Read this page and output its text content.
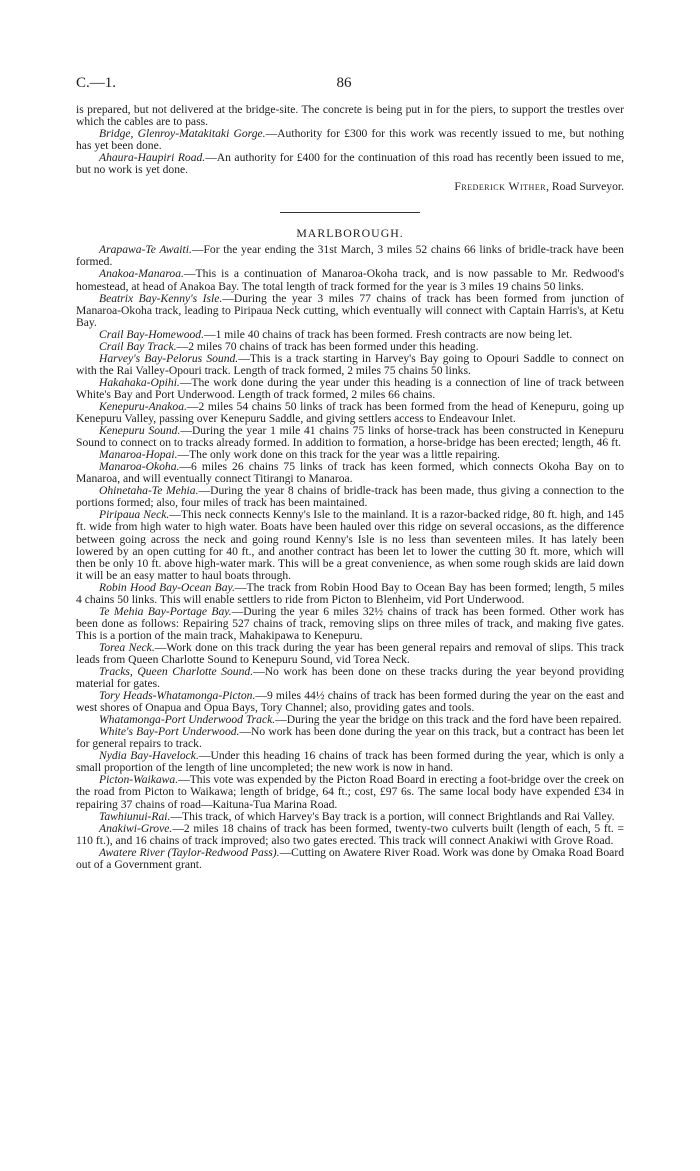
C.—1.	86

is prepared, but not delivered at the bridge-site. The concrete is being put in for the piers, to support the trestles over which the cables are to pass.

Bridge, Glenroy-Matakitaki Gorge.—Authority for £300 for this work was recently issued to me, but nothing has yet been done.

Ahaura-Haupiri Road.—An authority for £400 for the continuation of this road has recently been issued to me, but no work is yet done.

Frederick Wither, Road Surveyor.

MARLBOROUGH.

Arapawa-Te Awaiti.—For the year ending the 31st March, 3 miles 52 chains 66 links of bridle-track have been formed.

Anakoa-Manaroa.—This is a continuation of Manaroa-Okoha track, and is now passable to Mr. Redwood's homestead, at head of Anakoa Bay. The total length of track formed for the year is 3 miles 19 chains 50 links.

Beatrix Bay-Kenny's Isle.—During the year 3 miles 77 chains of track has been formed from junction of Manaroa-Okoha track, leading to Piripaua Neck cutting, which eventually will connect with Captain Harris's, at Ketu Bay.

Crail Bay-Homewood.—1 mile 40 chains of track has been formed. Fresh contracts are now being let.

Crail Bay Track.—2 miles 70 chains of track has been formed under this heading.

Harvey's Bay-Pelorus Sound.—This is a track starting in Harvey's Bay going to Opouri Saddle to connect on with the Rai Valley-Opouri track. Length of track formed, 2 miles 75 chains 50 links.

Hakahaka-Opihi.—The work done during the year under this heading is a connection of line of track between White's Bay and Port Underwood. Length of track formed, 2 miles 66 chains.

Kenepuru-Anakoa.—2 miles 54 chains 50 links of track has been formed from the head of Kenepuru, going up Kenepuru Valley, passing over Kenepuru Saddle, and giving settlers access to Endeavour Inlet.

Kenepuru Sound.—During the year 1 mile 41 chains 75 links of horse-track has been constructed in Kenepuru Sound to connect on to tracks already formed. In addition to formation, a horse-bridge has been erected; length, 46 ft.

Manaroa-Hopai.—The only work done on this track for the year was a little repairing.

Manaroa-Okoha.—6 miles 26 chains 75 links of track has keen formed, which connects Okoha Bay on to Manaroa, and will eventually connect Titirangi to Manaroa.

Ohinetaha-Te Mehia.—During the year 8 chains of bridle-track has been made, thus giving a connection to the portions formed; also, four miles of track has been maintained.

Piripaua Neck.—This neck connects Kenny's Isle to the mainland. It is a razor-backed ridge, 80 ft. high, and 145 ft. wide from high water to high water. Boats have been hauled over this ridge on several occasions, as the difference between going across the neck and going round Kenny's Isle is no less than seventeen miles. It has lately been lowered by an open cutting for 40 ft., and another contract has been let to lower the cutting 30 ft. more, which will then be only 10 ft. above high-water mark. This will be a great convenience, as when some rough skids are laid down it will be an easy matter to haul boats through.

Robin Hood Bay-Ocean Bay.—The track from Robin Hood Bay to Ocean Bay has been formed; length, 5 miles 4 chains 50 links. This will enable settlers to ride from Picton to Blenheim, vid Port Underwood.

Te Mehia Bay-Portage Bay.—During the year 6 miles 32½ chains of track has been formed. Other work has been done as follows: Repairing 527 chains of track, removing slips on three miles of track, and making five gates. This is a portion of the main track, Mahakipawa to Kenepuru.

Torea Neck.—Work done on this track during the year has been general repairs and removal of slips. This track leads from Queen Charlotte Sound to Kenepuru Sound, vid Torea Neck.

Tracks, Queen Charlotte Sound.—No work has been done on these tracks during the year beyond providing material for gates.

Tory Heads-Whatamonga-Picton.—9 miles 44½ chains of track has been formed during the year on the east and west shores of Onapua and Opua Bays, Tory Channel; also, providing gates and tools.

Whatamonga-Port Underwood Track.—During the year the bridge on this track and the ford have been repaired.

White's Bay-Port Underwood.—No work has been done during the year on this track, but a contract has been let for general repairs to track.

Nydia Bay-Havelock.—Under this heading 16 chains of track has been formed during the year, which is only a small proportion of the length of line uncompleted; the new work is now in hand.

Picton-Waikawa.—This vote was expended by the Picton Road Board in erecting a foot-bridge over the creek on the road from Picton to Waikawa; length of bridge, 64 ft.; cost, £97 6s. The same local body have expended £34 in repairing 37 chains of road—Kaituna-Tua Marina Road.

Tawhiunui-Rai.—This track, of which Harvey's Bay track is a portion, will connect Brightlands and Rai Valley.

Anakiwi-Grove.—2 miles 18 chains of track has been formed, twenty-two culverts built (length of each, 5 ft. = 110 ft.), and 16 chains of track improved; also two gates erected. This track will connect Anakiwi with Grove Road.

Awatere River (Taylor-Redwood Pass).—Cutting on Awatere River Road. Work was done by Omaka Road Board out of a Government grant.
